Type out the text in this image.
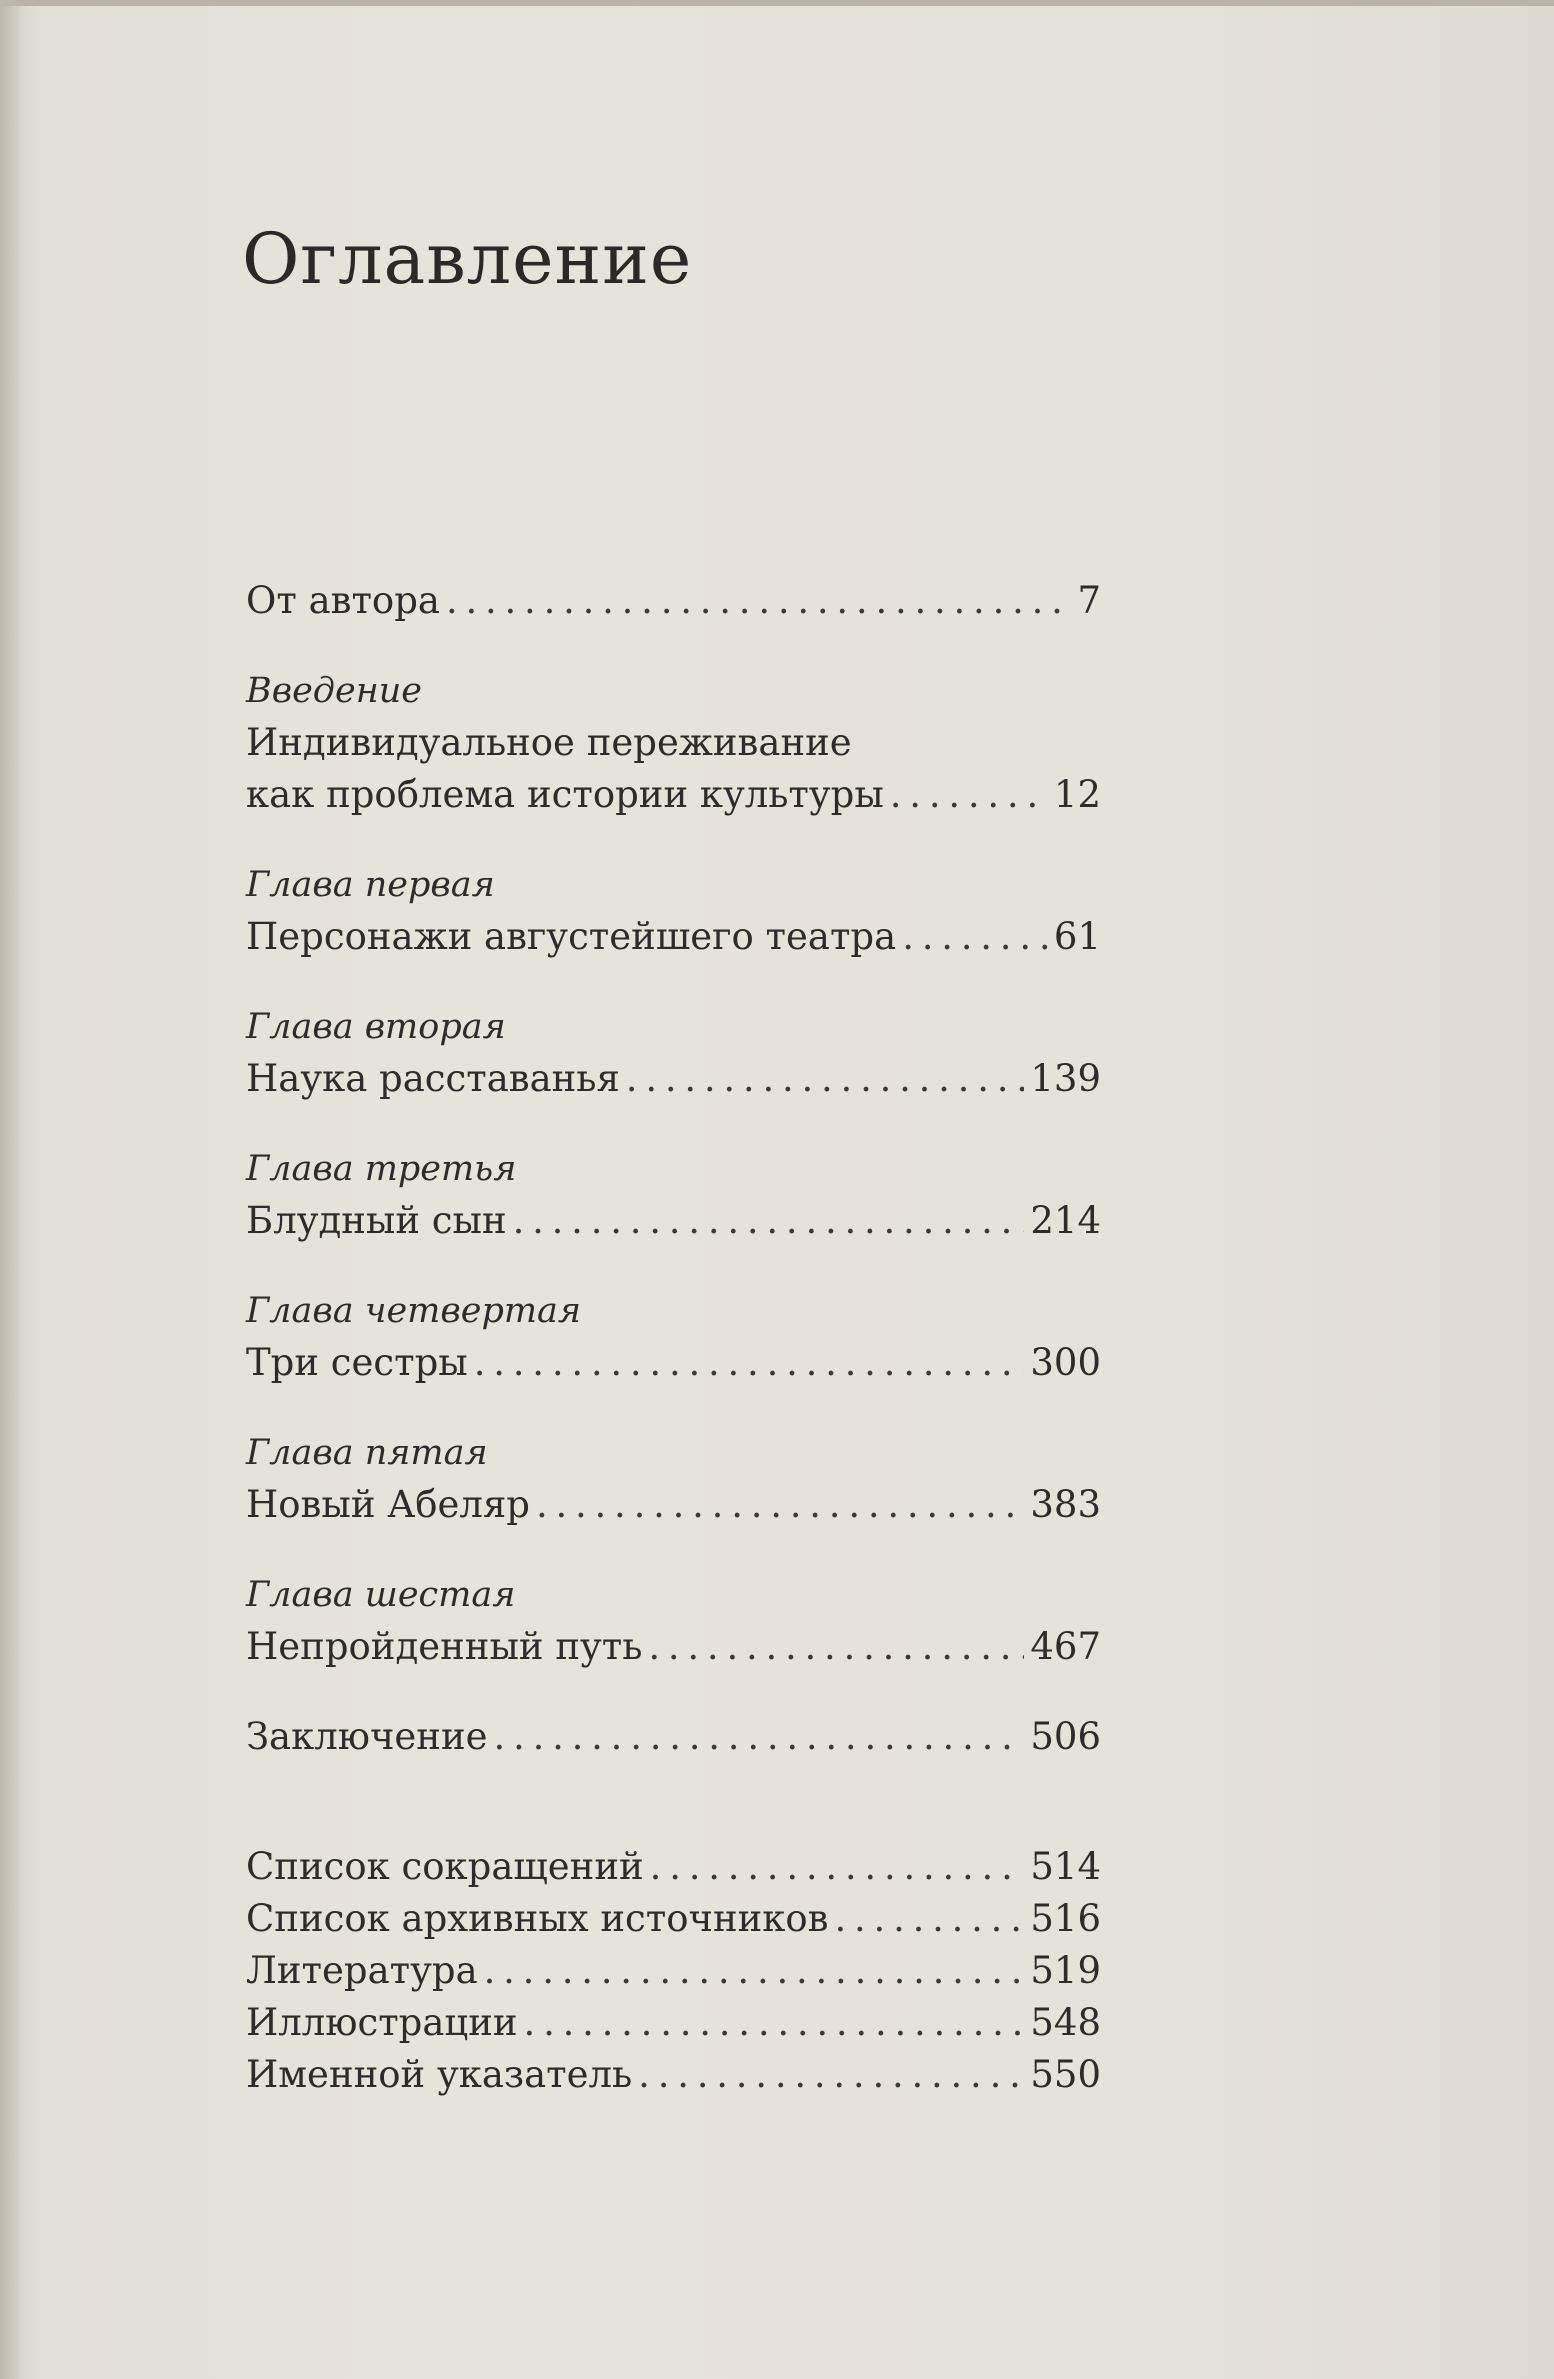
Оглавление
От автора . . .	7
Введение
Индивидуальное переживание
как проблема истории культуры . . .	12
Глава первая
Персонажи августейшего театра . . .	61
Глава вторая
Наука расставанья . . .	139
Глава третья
Блудный сын . . .	214
Глава четвертая
Три сестры . . .	300
Глава пятая
Новый Абеляр . . .	383
Глава шестая
Непройденный путь . . .	467
Заключение . . .	506
Список сокращений . . .	514
Список архивных источников . . .	516
Литература . . .	519
Иллюстрации . . .	548
Именной указатель . . .	550
